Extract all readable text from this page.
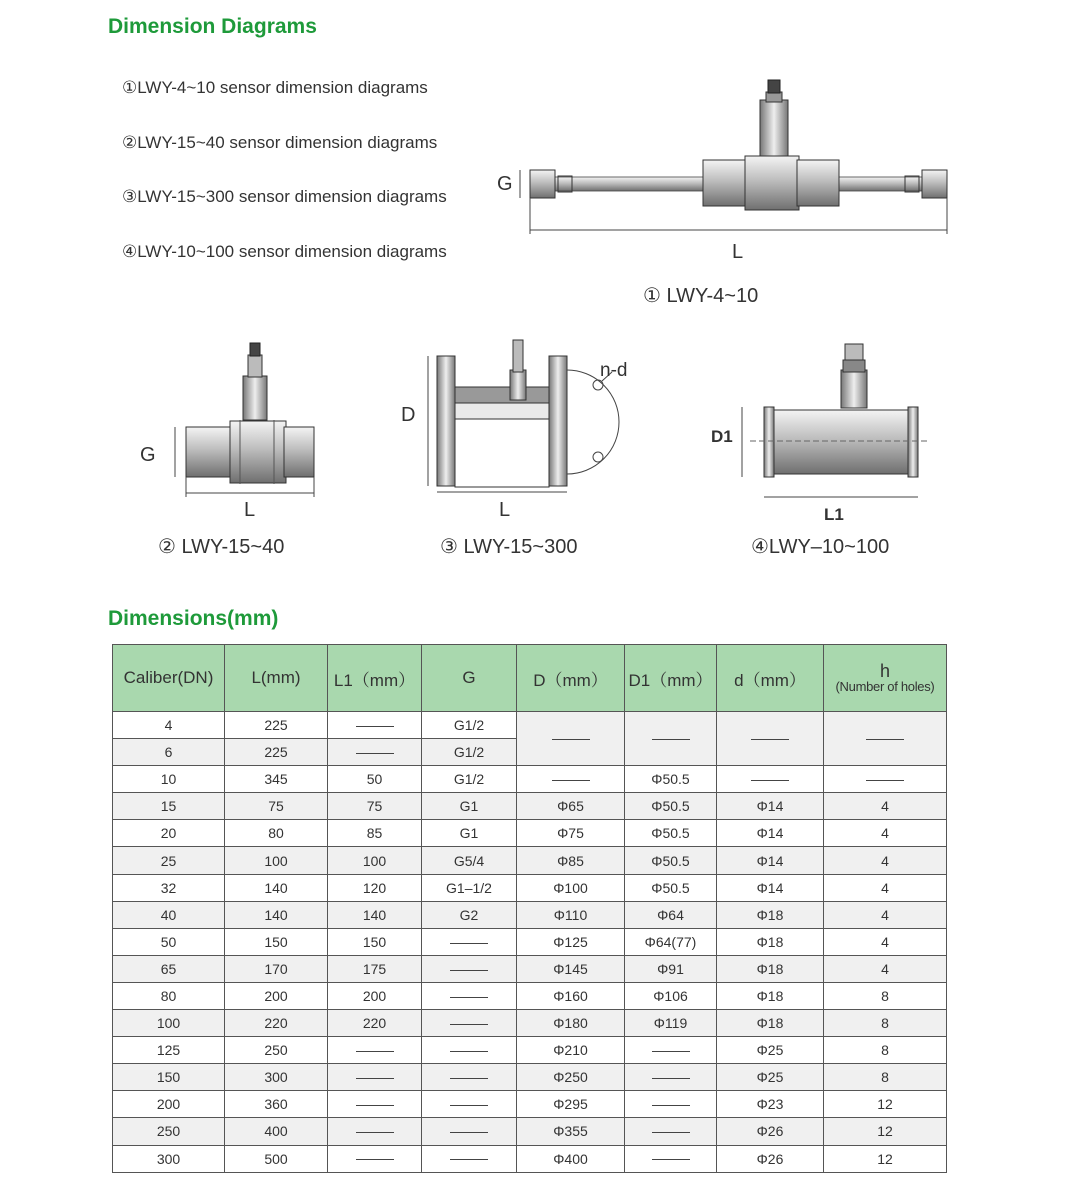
Dimension Diagrams
①LWY-4~10 sensor dimension diagrams
②LWY-15~40 sensor dimension diagrams
③LWY-15~300 sensor dimension diagrams
④LWY-10~100 sensor dimension diagrams
G
L
G
L
D
L
n-d
D1
L1
① LWY-4~10
② LWY-15~40	③ LWY-15~300	④LWY–10~100
Dimensions(mm)
Caliber(DN)	L(mm)	L1（mm）	G	D（mm）	D1（mm）	d（mm）	h
(Number of holes)

4	225		G1/2				
6	225		G1/2				
10	345	50	G1/2		Φ50.5		
15	75	75	G1	Φ65	Φ50.5	Φ14	4
20	80	85	G1	Φ75	Φ50.5	Φ14	4
25	100	100	G5/4	Φ85	Φ50.5	Φ14	4
32	140	120	G1–1/2	Φ100	Φ50.5	Φ14	4
40	140	140	G2	Φ110	Φ64	Φ18	4
50	150	150		Φ125	Φ64(77)	Φ18	4
65	170	175		Φ145	Φ91	Φ18	4
80	200	200		Φ160	Φ106	Φ18	8
100	220	220		Φ180	Φ119	Φ18	8
125	250			Φ210		Φ25	8
150	300			Φ250		Φ25	8
200	360			Φ295		Φ23	12
250	400			Φ355		Φ26	12
300	500			Φ400		Φ26	12
